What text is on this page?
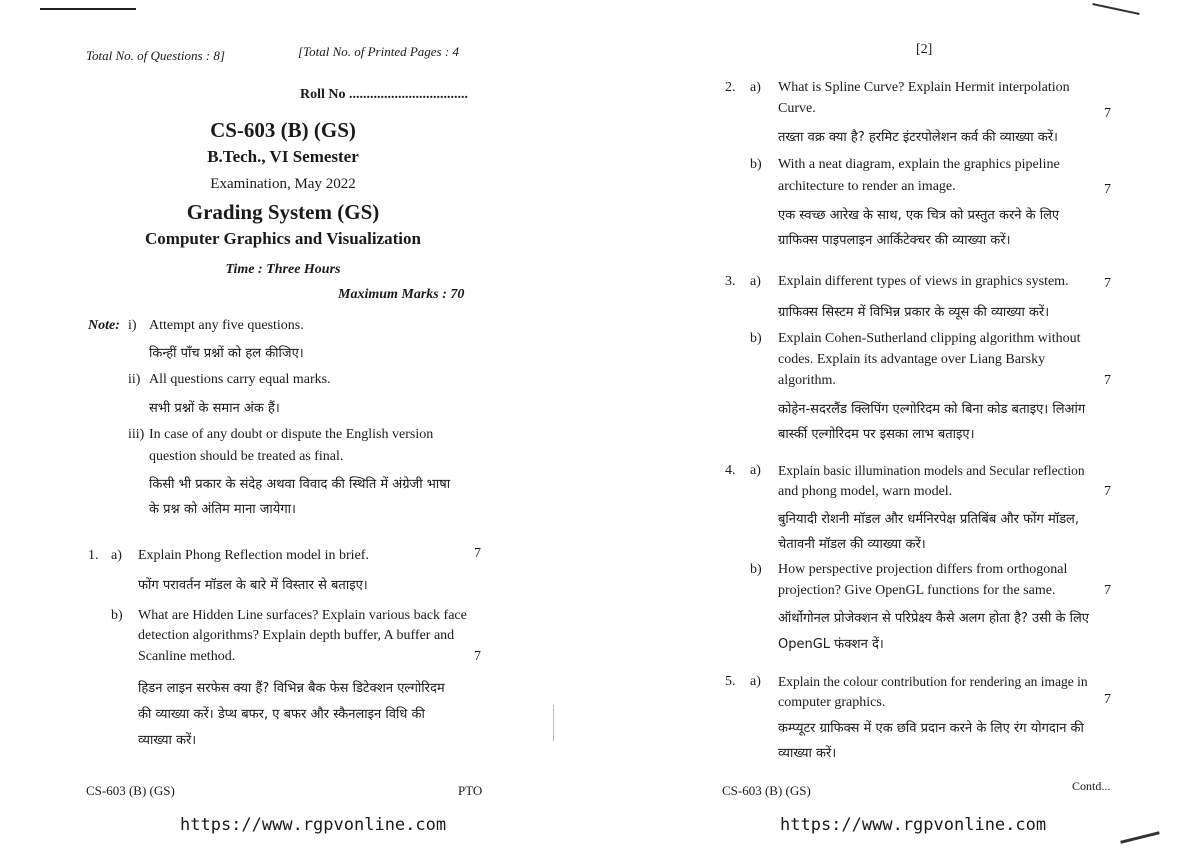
Total No. of Questions : 8]	[Total No. of Printed Pages : 4
Roll No ..................................
CS-603 (B) (GS)
B.Tech., VI Semester
Examination, May 2022
Grading System (GS)
Computer Graphics and Visualization
Time : Three Hours
Maximum Marks : 70
Note: i) Attempt any five questions.
किन्हीं पाँच प्रश्नों को हल कीजिए।
ii) All questions carry equal marks.
सभी प्रश्नों के समान अंक हैं।
iii) In case of any doubt or dispute the English version
question should be treated as final.
किसी भी प्रकार के संदेह अथवा विवाद की स्थिति में अंग्रेजी भाषा
के प्रश्न को अंतिम माना जायेगा।
1. a) Explain Phong Reflection model in brief.	7
फोंग परावर्तन मॉडल के बारे में विस्तार से बताइए।
b) What are Hidden Line surfaces? Explain various back face
detection algorithms? Explain depth buffer, A buffer and
Scanline method.	7
हिडन लाइन सरफेस क्या हैं? विभिन्न बैक फेस डिटेक्शन एल्गोरिदम
की व्याख्या करें। डेप्थ बफर, ए बफर और स्कैनलाइन विधि की
व्याख्या करें।
CS-603 (B) (GS)	PTO
https://www.rgpvonline.com
[2]
2. a) What is Spline Curve? Explain Hermit interpolation
Curve.	7
तख्ता वक्र क्या है? हरमिट इंटरपोलेशन कर्व की व्याख्या करें।
b) With a neat diagram, explain the graphics pipeline
architecture to render an image.	7
एक स्वच्छ आरेख के साथ, एक चित्र को प्रस्तुत करने के लिए
ग्राफिक्स पाइपलाइन आर्किटेक्चर की व्याख्या करें।
3. a) Explain different types of views in graphics system.	7
ग्राफिक्स सिस्टम में विभिन्न प्रकार के व्यूस की व्याख्या करें।
b) Explain Cohen-Sutherland clipping algorithm without
codes. Explain its advantage over Liang Barsky
algorithm.	7
कोहेन-सदरलैंड क्लिपिंग एल्गोरिदम को बिना कोड बताइए। लिआंग
बार्स्की एल्गोरिदम पर इसका लाभ बताइए।
4. a) Explain basic illumination models and Secular reflection
and phong model, warn model.	7
बुनियादी रोशनी मॉडल और धर्मनिरपेक्ष प्रतिबिंब और फोंग मॉडल,
चेतावनी मॉडल की व्याख्या करें।
b) How perspective projection differs from orthogonal
projection? Give OpenGL functions for the same.	7
ऑर्थोगोनल प्रोजेक्शन से परिप्रेक्ष्य कैसे अलग होता है? उसी के लिए
OpenGL फंक्शन दें।
5. a) Explain the colour contribution for rendering an image in
computer graphics.	7
कम्प्यूटर ग्राफिक्स में एक छवि प्रदान करने के लिए रंग योगदान की
व्याख्या करें।
CS-603 (B) (GS)	Contd...
https://www.rgpvonline.com
